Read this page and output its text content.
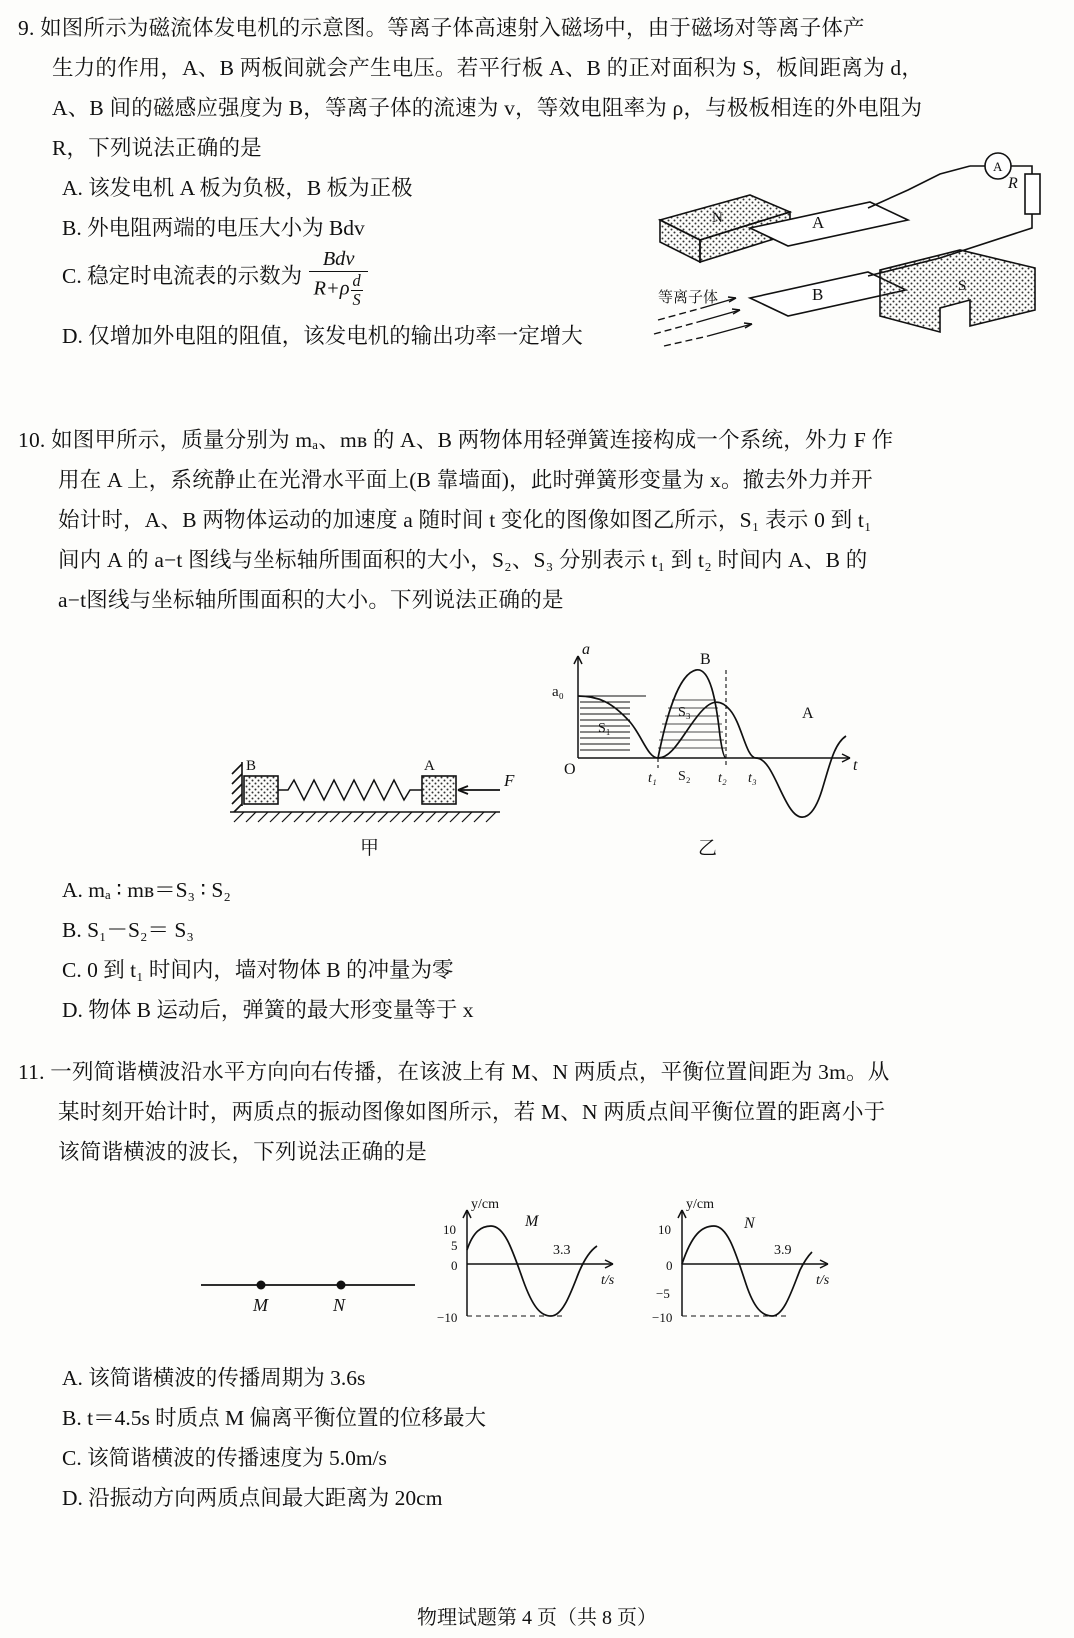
9. 如图所示为磁流体发电机的示意图。等离子体高速射入磁场中，由于磁场对等离子体产
生力的作用，A、B 两板间就会产生电压。若平行板 A、B 的正对面积为 S，板间距离为 d，
A、B 间的磁感应强度为 B，等离子体的流速为 v，等效电阻率为 ρ，与极板相连的外电阻为
R，下列说法正确的是
A. 该发电机 A 板为负极，B 板为正极
B. 外电阻两端的电压大小为 Bdv
C. 稳定时电流表的示数为 $\frac{\text{Bdv}}{R+\rho \frac{d}{S}}$
D. 仅增加外电阻的阻值，该发电机的输出功率一定增大
N	A
B	S
A
R
等离子体
10. 如图甲所示，质量分别为 mₐ、mʙ 的 A、B 两物体用轻弹簧连接构成一个系统，外力 F 作
用在 A 上，系统静止在光滑水平面上(B 靠墙面)，此时弹簧形变量为 x。撤去外力并开
始计时，A、B 两物体运动的加速度 a 随时间 t 变化的图像如图乙所示，S₁ 表示 0 到 t₁
间内 A 的 a−t 图线与坐标轴所围面积的大小，S₂、S₃ 分别表示 t₁ 到 t₂ 时间内 A、B 的
a−t图线与坐标轴所围面积的大小。下列说法正确的是
B	A
F
甲
a
t
O
a₀
S₁
A
B
S₃
S₂
t₁	t₂ t₃
乙
A. mₐ ∶ mʙ＝S₃ ∶ S₂
B. S₁－S₂＝ S₃
C. 0 到 t₁ 时间内，墙对物体 B 的冲量为零
D. 物体 B 运动后，弹簧的最大形变量等于 x
11. 一列简谐横波沿水平方向向右传播，在该波上有 M、N 两质点，平衡位置间距为 3m。从
某时刻开始计时，两质点的振动图像如图所示，若 M、N 两质点间平衡位置的距离小于
该简谐横波的波长，下列说法正确的是
M	N
y/cm
t/s
M
10
5
0
−10
3.3
y/cm
t/s
N
10
0
−5
−10
3.9
A. 该简谐横波的传播周期为 3.6s
B. t＝4.5s 时质点 M 偏离平衡位置的位移最大
C. 该简谐横波的传播速度为 5.0m/s
D. 沿振动方向两质点间最大距离为 20cm
物理试题第 4 页（共 8 页）
